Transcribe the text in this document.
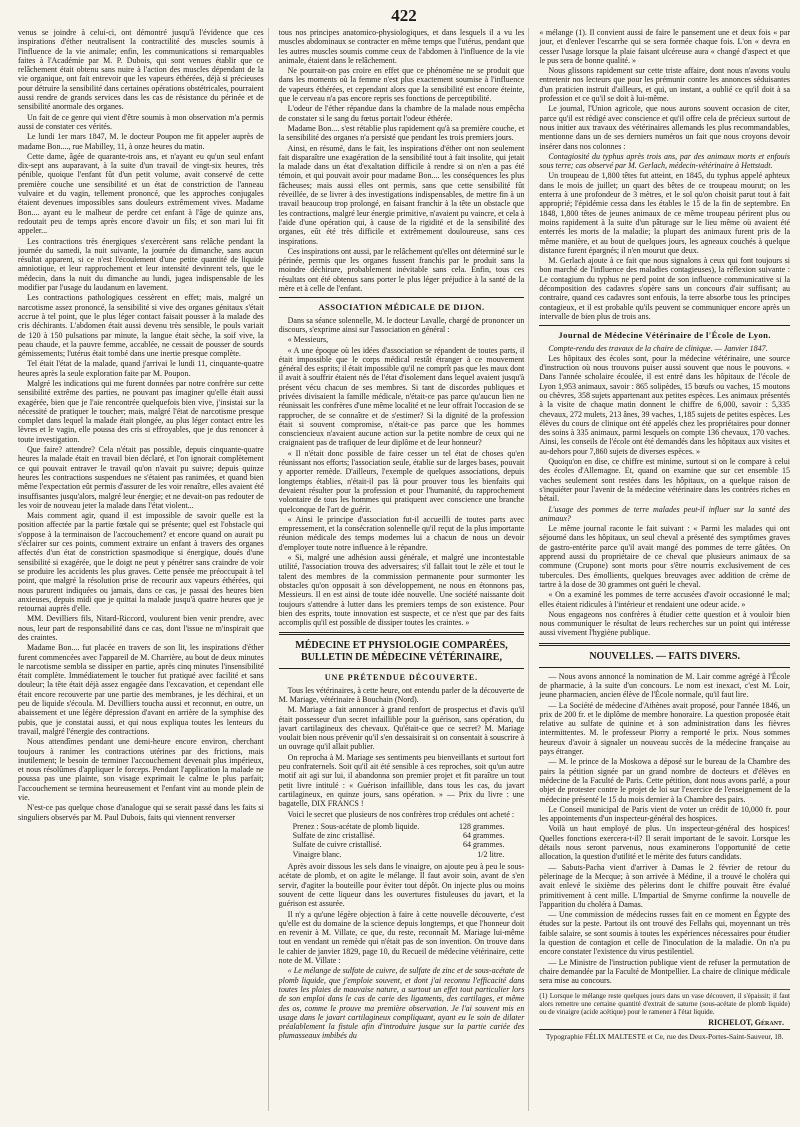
422

venus se joindre à celui-ci, ont démontré jusqu'à l'évidence que ces inspirations d'éther neutralisent la contractilité des muscles soumis à l'influence de la vie animale; enfin, les communications si remarquables faites à l'Académie par M. P. Dubois, qui sont venues établir que ce relâchement était obtenu sans nuire à l'action des muscles dépendant de la vie organique, ont fait entrevoir que les vapeurs éthérées, déjà si précieuses pour détruire la sensibilité dans certaines opérations obstétricales, pourraient aussi rendre de grands services dans les cas de résistance du périnée et de sensibilité anormale des organes.

Un fait de ce genre qui vient d'être soumis à mon observation m'a permis aussi de constater ces vérités.

Le lundi 1er mars 1847, M. le docteur Poupon me fit appeler auprès de madame Bon...., rue Mabilley, 11, à onze heures du matin.

Cette dame, âgée de quarante-trois ans, et n'ayant eu qu'un seul enfant dix-sept ans auparavant, à la suite d'un travail de vingt-six heures, très pénible, quoique l'enfant fût d'un petit volume, avait conservé de cette première couche une sensibilité et un état de constriction de l'anneau vulvaire et du vagin, tellement prononcé, que les approches conjugales étaient devenues impossibles sans douleurs extrêmement vives. Madame Bon.... ayant eu le malheur de perdre cet enfant à l'âge de quinze ans, redoutait peu de temps après encore d'avoir un fils; et son mari lui fit appeler...

Les contractions très énergiques s'exercèrent sans relâche pendant la journée du samedi, la nuit suivante, la journée du dimanche, sans aucun résultat apparent, si ce n'est l'écoulement d'une petite quantité de liquide amniotique, et leur rapprochement et leur intensité devinrent tels, que le médecin, dans la nuit du dimanche au lundi, jugea indispensable de les modifier par l'usage du laudanum en lavement.

Les contractions pathologiques cessèrent en effet; mais, malgré un narcotisme assez prononcé, la sensibilité si vive des organes génitaux s'était accrue à tel point, que le plus léger contact faisait pousser à la malade des cris déchirants. L'abdomen était aussi devenu très sensible, le pouls variait de 120 à 150 pulsations par minute, la langue était sèche, la soif vive, la peau chaude, et la pauvre femme, accablée, ne cessait de pousser de sourds gémissements; l'utérus était tombé dans une inertie presque complète.

Tel était l'état de la malade, quand j'arrivai le lundi 11, cinquante-quatre heures après la seule exploration faite par M. Poupon.

Malgré les indications qui me furent données par notre confrère sur cette sensibilité extrême des parties, ne pouvant pas imaginer qu'elle était aussi exagérée, bien que je l'aie rencontrée quelquefois bien vive, j'insistai sur la nécessité de pratiquer le toucher; mais, malgré l'état de narcotisme presque complet dans lequel la malade était plongée, au plus léger contact entre les lèvres et le vagin, elle poussa des cris si effroyables, que je dus renoncer à toute investigation.

Que faire? attendre? Cela n'était pas possible, depuis cinquante-quatre heures la malade était en travail bien déclaré, et l'on ignorait complètement ce qui pouvait entraver le travail qu'on n'avait pu suivre; depuis quinze heures les contractions suspendues ne s'étaient pas ranimées, et quand bien même l'expectation eût permis d'assurer de les voir renaître, elles avaient été insuffisantes jusqu'alors, malgré leur énergie; et ne devait-on pas redouter de les voir de nouveau jeter la malade dans l'état violent...

Mais comment agir, quand il est impossible de savoir quelle est la position affectée par la partie fœtale qui se présente; quel est l'obstacle qui s'oppose à la terminaison de l'accouchement? et encore quand on aurait pu s'éclairer sur ces points, comment extraire un enfant à travers des organes affectés d'un état de constriction spasmodique si énergique, doués d'une sensibilité si exagérée, que le doigt ne peut y pénétrer sans craindre de voir se produire les accidents les plus graves. Cette pensée me préoccupait à tel point, que malgré la résolution prise de recourir aux vapeurs éthérées, qui nous parurent indiquées ou jamais, dans ce cas, je passai des heures bien anxieuses, depuis midi que je quittai la malade jusqu'à quatre heures que je retournai auprès d'elle.

MM. Devilliers fils, Nitard-Riccord, voulurent bien venir prendre, avec nous, leur part de responsabilité dans ce cas, dont l'issue ne m'inspirait que des craintes.

Madame Bon.... fut placée en travers de son lit, les inspirations d'éther furent commencées avec l'appareil de M. Charrière, au bout de deux minutes le narcotisme sembla se dissiper en partie, après cinq minutes l'insensibilité était complète. Immédiatement le toucher fut pratiqué avec facilité et sans douleur; la tête était déjà assez engagée dans l'excavation, et cependant elle était encore recouverte par une partie des membranes, je les déchirai, et un peu de liquide s'écoula. M. Devilliers toucha aussi et reconnut, en outre, un abaissement et une légère dépression d'avant en arrière de la symphise des pubis, que je constatai aussi, et qui nous expliqua toutes les lenteurs du travail, malgré l'énergie des contractions.

Nous attendîmes pendant une demi-heure encore environ, cherchant toujours à ranimer les contractions utérines par des frictions, mais inutilement; le besoin de terminer l'accouchement devenait plus impérieux, et nous résolûmes d'appliquer le forceps. Pendant l'application la malade ne poussa pas une plainte, son visage exprimait le calme le plus parfait; l'accouchement se termina heureusement et l'enfant vint au monde plein de vie.

N'est-ce pas quelque chose d'analogue qui se serait passé dans les faits si singuliers observés par M. Paul Dubois, faits qui viennent renverser

tous nos principes anatomico-physiologiques, et dans lesquels il a vu les muscles abdominaux se contracter en même temps que l'utérus, pendant que les autres muscles soumis comme ceux de l'abdomen à l'influence de la vie animale, étaient dans le relâchement.

Ne pourrait-on pas croire en effet que ce phénomène ne se produit que dans les moments où la femme n'est plus exactement soumise à l'influence de vapeurs éthérées, et cependant alors que la sensibilité est encore éteinte, que le cerveau n'a pas encore repris ses fonctions de perceptibilité.

L'odeur de l'éther répandue dans la chambre de la malade nous empêcha de constater si le sang du fœtus portait l'odeur éthérée.

Madame Bon.... s'est rétablie plus rapidement qu'à sa première couche, et la sensibilité des organes n'a persisté que pendant les trois premiers jours.

Ainsi, en résumé, dans le fait, les inspirations d'éther ont non seulement fait disparaître une exagération de la sensibilité tout à fait insolite, qui jetait la malade dans un état d'exaltation difficile à rendre si on n'en a pas été témoin, et qui pouvait avoir pour madame Bon.... les conséquences les plus fâcheuses; mais aussi elles ont permis, sans que cette sensibilité fût réveillée, de se livrer à des investigations indispensables, de mettre fin à un travail beaucoup trop prolongé, en faisant franchir à la tête un obstacle que les contractions, malgré leur énergie primitive, n'avaient pu vaincre, et cela à l'aide d'une opération qui, à cause de la rigidité et de la sensibilité des organes, eût été très difficile et extrêmement douloureuse, sans ces inspirations.

Ces inspirations ont aussi, par le relâchement qu'elles ont déterminé sur le périnée, permis que les organes fussent franchis par le produit sans la moindre déchirure, probablement inévitable sans cela. Enfin, tous ces résultats ont été obtenus sans porter le plus léger préjudice à la santé de la mère et à celle de l'enfant.

ASSOCIATION MÉDICALE DE DIJON.

Dans sa séance solennelle, M. le docteur Lavalle, chargé de prononcer un discours, s'exprime ainsi sur l'association en général :

« Messieurs,

« A une époque où les idées d'association se répandent de toutes parts, il était impossible que le corps médical restât étranger à ce mouvement général des esprits; il était impossible qu'il ne comprît pas que les maux dont il avait à souffrir étaient nés de l'état d'isolement dans lequel avaient jusqu'à présent vécu chacun de ses membres. Si tant de discordes publiques et privées divisaient la famille médicale, n'était-ce pas parce qu'aucun lien ne réunissait les confrères d'une même localité et ne leur offrait l'occasion de se rapprocher, de se connaître et de s'estimer? Si la dignité de la profession était si souvent compromise, n'était-ce pas parce que les hommes consciencieux n'avaient aucune action sur la petite nombre de ceux qui ne craignaient pas de trafiquer de leur diplôme et de leur honneur?

« Il n'était donc possible de faire cesser un tel état de choses qu'en réunissant nos efforts; l'association seule, établie sur de larges bases, pouvait y apporter remède. D'ailleurs, l'exemple de quelques associations, depuis longtemps établies, n'était-il pas là pour prouver tous les bienfaits qui devaient résulter pour la profession et pour l'humanité, du rapprochement volontaire de tous les hommes qui pratiquent avec conscience une branche quelconque de l'art de guérir.

« Ainsi le principe d'association fut-il accueilli de toutes parts avec empressement, et la consécration solennelle qu'il reçut de la plus importante réunion médicale des temps modernes lui a chacun de nous un devoir d'employer toute notre influence à le répandre.

« Si, malgré une adhésion aussi générale, et malgré une incontestable utilité, l'association trouva des adversaires; s'il fallait tout le zèle et tout le talent des membres de la commission permanente pour surmonter les obstacles qu'on opposait à son développement, ne nous en étonnons pas, Messieurs. Il en est ainsi de toute idée nouvelle. Une société naissante doit toujours s'attendre à lutter dans les premiers temps de son existence. Pour bien des esprits, toute innovation est suspecte, et ce n'est que par des faits accomplis qu'il est possible de dissiper toutes les craintes. »

MÉDECINE ET PHYSIOLOGIE COMPARÉES, BULLETIN DE MÉDECINE VÉTÉRINAIRE,
UNE PRÉTENDUE DÉCOUVERTE.

Tous les vétérinaires, à cette heure, ont entendu parler de la découverte de M. Mariage, vétérinaire à Bouchain (Nord).

M. Mariage a fait annoncer à grand renfort de prospectus et d'avis qu'il était possesseur d'un secret infaillible pour la guérison, sans opération, du javart cartilagineux des chevaux. Qu'était-ce que ce secret? M. Mariage voulait bien nous prévenir qu'il s'en dessaisirait si on consentait à souscrire à un ouvrage qu'il allait publier.

On reprocha à M. Mariage ses sentiments peu bienveillants et surtout fort peu confraternels. Soit qu'il ait été sensible à ces reproches, soit qu'un autre motif ait agi sur lui, il abandonna son premier projet et fit paraître un tout petit livre intitulé : « Guérison infaillible, dans tous les cas, du javart cartilagineux, en quinze jours, sans opération. » — Prix du livre : une bagatelle, DIX FRANCS !

Voici le secret que plusieurs de nos confrères trop crédules ont acheté :

Prenez : Sous-acétate de plomb liquide.	128 grammes.
Sulfate de zinc cristallisé.	64 grammes.
Sulfate de cuivre cristallisé.	64 grammes.
Vinaigre blanc.	1/2 litre.

Après avoir dissous les sels dans le vinaigre, on ajoute peu à peu le sous-acétate de plomb, et on agite le mélange. Il faut avoir soin, avant de s'en servir, d'agiter la bouteille pour éviter tout dépôt. On injecte plus ou moins souvent de cette liqueur dans les ouvertures fistuleuses du javart, et la guérison est assurée.

Il n'y a qu'une légère objection à faire à cette nouvelle découverte, c'est qu'elle est du domaine de la science depuis longtemps, et que l'honneur doit en revenir à M. Villate, ce que, du reste, reconnaît M. Mariage lui-même tout en vendant un remède qui n'était pas de son invention. On trouve dans le cahier de janvier 1829, page 10, du Recueil de médecine vétérinaire, cette note de M. Villate :

« Le mélange de sulfate de cuivre, de sulfate de zinc et de sous-acétate de plomb liquide, que j'emploie souvent, et dont j'ai reconnu l'efficacité dans toutes les plaies de mauvaise nature, a surtout un effet tout particulier lors de son emploi dans le cas de carie des ligaments, des cartilages, et même des os, comme le prouve ma première observation. Je l'ai souvent mis en usage dans le javart cartilagineux compliquant, ayant eu le soin de dilater préalablement la fistule afin d'introduire jusque sur la partie cariée des plumasseaux imbibés du

« mélange (1). Il convient aussi de faire le pansement une et deux fois « par jour, et d'enlever l'escarrhe qui se sera formée chaque fois. L'on « devra en cesser l'usage lorsque la plaie faisant ulcéreuse aura « changé d'aspect et que le pus sera de bonne qualité. »

Nous glissons rapidement sur cette triste affaire, dont nous n'avons voulu entretenir nos lecteurs que pour les prémunir contre les annonces séduisantes d'un praticien instruit d'ailleurs, et qui, un instant, a oublié ce qu'il doit à sa profession et ce qu'il se doit à lui-même.

Le journal, l'Union agricole, que nous aurons souvent occasion de citer, parce qu'il est rédigé avec conscience et qu'il offre cela de précieux surtout de nous initier aux travaux des vétérinaires allemands les plus recommandables, mentionne dans un de ses derniers numéros un fait que nous croyons devoir insérer dans nos colonnes :

Contagiosité du typhus après trois ans, par des animaux morts et enfouis sous terre; cas observé par M. Gerlach, médecin-vétérinaire à Hettstadt.

Un troupeau de 1,800 têtes fut atteint, en 1845, du typhus appelé aphteux dans le mois de juillet; un quart des bêtes de ce troupeau mourut; on les enterra à une profondeur de 3 mètres, et le sol qu'on choisit parut tout à fait approprié; l'épidémie cessa dans les étables le 15 de la fin de septembre. En 1848, 1,800 têtes de jeunes animaux de ce même troupeau périrent plus ou moins rapidement à la suite d'un pâturage sur le lieu même où avaient été enterrés les morts de la maladie; la plupart des animaux furent pris de la même manière, et au bout de quelques jours, les agneaux couchés à quelque distance furent épargnés; il n'en mourut que deux.

M. Gerlach ajoute à ce fait que nous signalons à ceux qui font toujours si bon marché de l'influence des maladies contagieuses), la réflexion suivante : Le contagium du typhus ne perd point de son influence communicative si la décomposition des cadavres s'opère sans un concours d'air suffisant; au contraire, quand ces cadavres sont enfouis, la terre absorbe tous les principes contagieux, et il est probable qu'ils peuvent se communiquer encore après un intervalle de bien plus de trois ans.

Journal de Médecine Vétérinaire de l'École de Lyon.

Compte-rendu des travaux de la chaire de clinique. — Janvier 1847.

Les hôpitaux des écoles sont, pour la médecine vétérinaire, une source d'instruction où nous trouvons puiser aussi souvent que nous le pouvons. « Dans l'année scholaire écoulée, il est entré dans les hôpitaux de l'école de Lyon 1,953 animaux, savoir : 865 solipèdes, 15 bœufs ou vaches, 15 moutons ou chèvres, 358 sujets appartenant aux petites espèces. Les animaux présentés à la visite de chaque matin donnent le chiffre de 6,000, savoir : 5,335 chevaux, 272 mulets, 213 ânes, 39 vaches, 1,185 sujets de petites espèces. Les élèves du cours de clinique ont été appelés chez les propriétaires pour donner des soins à 335 animaux, parmi lesquels on compte 136 chevaux, 170 vaches. Ainsi, les conseils de l'école ont été demandés dans les hôpitaux aux visites et au-dehors pour 7,860 sujets de diverses espèces. »

Quoiqu'on en dise, ce chiffre est minime, surtout si on le compare à celui des écoles d'Allemagne. Et, quand on examine que sur cet ensemble 15 vaches seulement sont restées dans les hôpitaux, on a quelque raison de s'inquiéter pour l'avenir de la médecine vétérinaire dans les contrées riches en bétail.

L'usage des pommes de terre malades peut-il influer sur la santé des animaux?

Le même journal raconte le fait suivant : « Parmi les malades qui ont séjourné dans les hôpitaux, un seul cheval a présenté des symptômes graves de gastro-entérite parce qu'il avait mangé des pommes de terre gâtées. On apprend aussi du propriétaire de ce cheval que plusieurs animaux de sa commune (Crupone) sont morts pour s'être nourris exclusivement de ces tubercules. Des émollients, quelques breuvages avec addition de crème de tartre à la dose de 30 grammes ont guéri le cheval.

« On a examiné les pommes de terre accusées d'avoir occasionné le mal; elles étaient ridicules à l'intérieur et rendaient une odeur acide. »

Nous engageons nos confrères à étudier cette question et à vouloir bien nous communiquer le résultat de leurs recherches sur un point qui intéresse aussi vivement l'hygiène publique.

NOUVELLES. — FAITS DIVERS.

— Nous avons annoncé la nomination de M. Lair comme agrégé à l'École de pharmacie, à la suite d'un concours. Le nom est inexact, c'est M. Loir, jeune pharmacien, ancien élève de l'École normale, qu'il faut lire.

— La Société de médecine d'Athènes avait proposé, pour l'année 1846, un prix de 200 fr. et le diplôme de membre honoraire. La question proposée était relative au sulfate de quinine et à son administration dans les fièvres intermittentes. M. le professeur Piorry a remporté le prix. Nous sommes heureux d'avoir à signaler un nouveau succès de la médecine française au pays étranger.

— M. le prince de la Moskowa a déposé sur le bureau de la Chambre des pairs la pétition signée par un grand nombre de docteurs et d'élèves en médecine de la Faculté de Paris. Cette pétition, dont nous avons parlé, a pour objet de protester contre le projet de loi sur l'exercice de l'enseignement de la médecine présenté le 15 du mois dernier à la Chambre des pairs.

Le Conseil municipal de Paris vient de voter un crédit de 10,000 fr. pour les appointements d'un inspecteur-général des hospices.

Voilà un haut employé de plus. Un inspecteur-général des hospices! Quelles fonctions exercera-t-il? Il serait important de le savoir. Lorsque les détails nous seront parvenus, nous examinerons l'opportunité de cette allocation, la question d'utilité et le mérite des futurs candidats.

— Sabuts-Pacha vient d'arriver à Damas le 2 février de retour du pèlerinage de la Mecque; à son arrivée à Médine, il a trouvé le choléra qui avait enlevé le sixième des pèlerins dont le chiffre pouvait être évalué primitivement à cent mille. L'Impartial de Smyrne confirme la nouvelle de l'apparition du choléra à Damas.

— Une commission de médecins russes fait en ce moment en Égypte des études sur la peste. Partout ils ont trouvé des Fellahs qui, moyennant un très faible salaire, se sont soumis à toutes les expériences nécessaires pour étudier la question de contagion et celle de l'inoculation de la maladie. On n'a pu encore constater l'existence du virus pestilentiel.

— Le Ministre de l'instruction publique vient de refuser la permutation de chaire demandée par la Faculté de Montpellier. La chaire de clinique médicale sera mise au concours.

(1) Lorsque le mélange reste quelques jours dans un vase découvert, il s'épaissit; il faut alors remettre une certaine quantité d'extrait de saturne (sous-acétate de plomb liquide) ou de vinaigre (acide acétique) pour le ramener à l'état liquide.
RICHELOT, Gérant.
Typographie FÉLIX MALTESTE et Ce, rue des Deux-Portes-Saint-Sauveur, 18.
